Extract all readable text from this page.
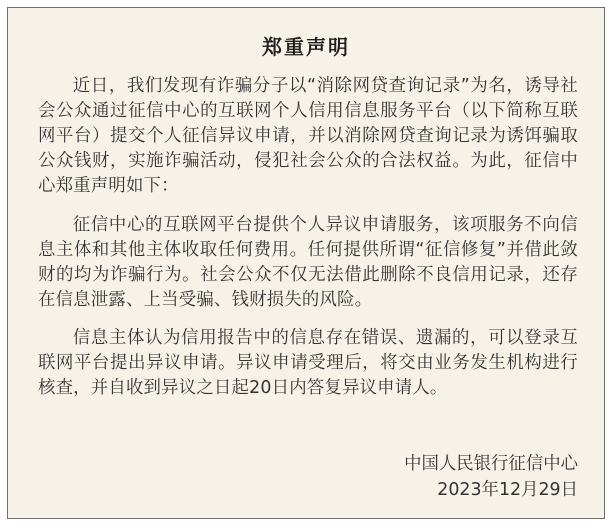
郑重声明

近日，我们发现有诈骗分子以“消除网贷查询记录”为名，诱导社会公众通过征信中心的互联网个人信用信息服务平台（以下简称互联网平台）提交个人征信异议申请，并以消除网贷查询记录为诱饵骗取公众钱财，实施诈骗活动，侵犯社会公众的合法权益。为此，征信中心郑重声明如下：

征信中心的互联网平台提供个人异议申请服务，该项服务不向信息主体和其他主体收取任何费用。任何提供所谓“征信修复”并借此敛财的均为诈骗行为。社会公众不仅无法借此删除不良信用记录，还存在信息泄露、上当受骗、钱财损失的风险。

信息主体认为信用报告中的信息存在错误、遗漏的，可以登录互联网平台提出异议申请。异议申请受理后，将交由业务发生机构进行核查，并自收到异议之日起20日内答复异议申请人。

中国人民银行征信中心
2023年12月29日
